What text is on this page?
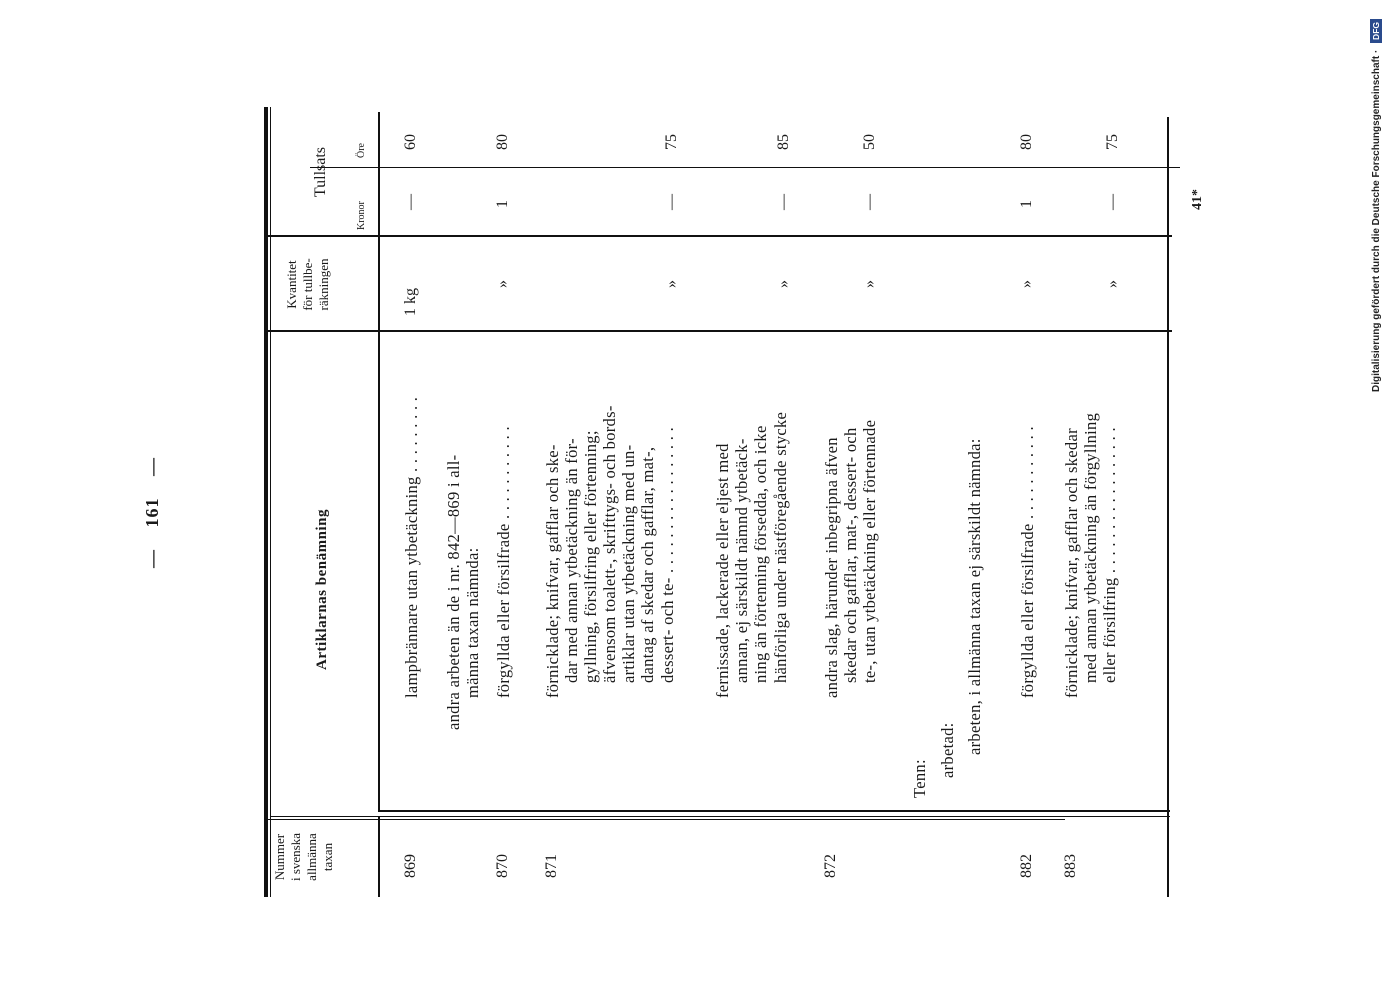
— 161 —
Nummer i svenska allmänna taxan
Artiklarnas benämning
Kvantitet för tullbe- räkningen
Tullsats
Kronor
Öre
869
lampbrännare utan ytbetäckning . . . . . . . . .
1 kg
—
60
andra arbeten än de i nr. 842—869 i all- männa taxan nämnda:
870
förgyllda eller försilfrade . . . . . . . . . . .
»
1
80
871
förnicklade; knifvar, gafflar och ske- dar med annan ytbetäckning än för- gyllning, försilfring eller förtenning; äfvensom toalett-, skrifttygs- och bords- artiklar utan ytbetäckning med un- dantag af skedar och gafflar, mat-, dessert- och te- . . . . . . . . . . . . . . . . .
»
—
75
fernissade, lackerade eller eljest med annan, ej särskildt nämnd ytbetäck- ning än förtenning försedda, och icke hänförliga under nästföregående stycke
»
—
85
872
andra slag, härunder inbegripna äfven skedar och gafflar, mat-, dessert- och te-, utan ytbetäckning eller förtennade
»
—
50
Tenn:
arbetad: arbeten, i allmänna taxan ej särskildt nämnda:
882
förgyllda eller försilfrade . . . . . . . . . . .
»
1
80
883
förnicklade; knifvar, gafflar och skedar med annan ytbetäckning än förgyllning eller försilfring . . . . . . . . . . . . . . . . .
»
—
75
41*	Digitalisierung gefördert durch die Deutsche Forschungsgemeinschaft · DFG
